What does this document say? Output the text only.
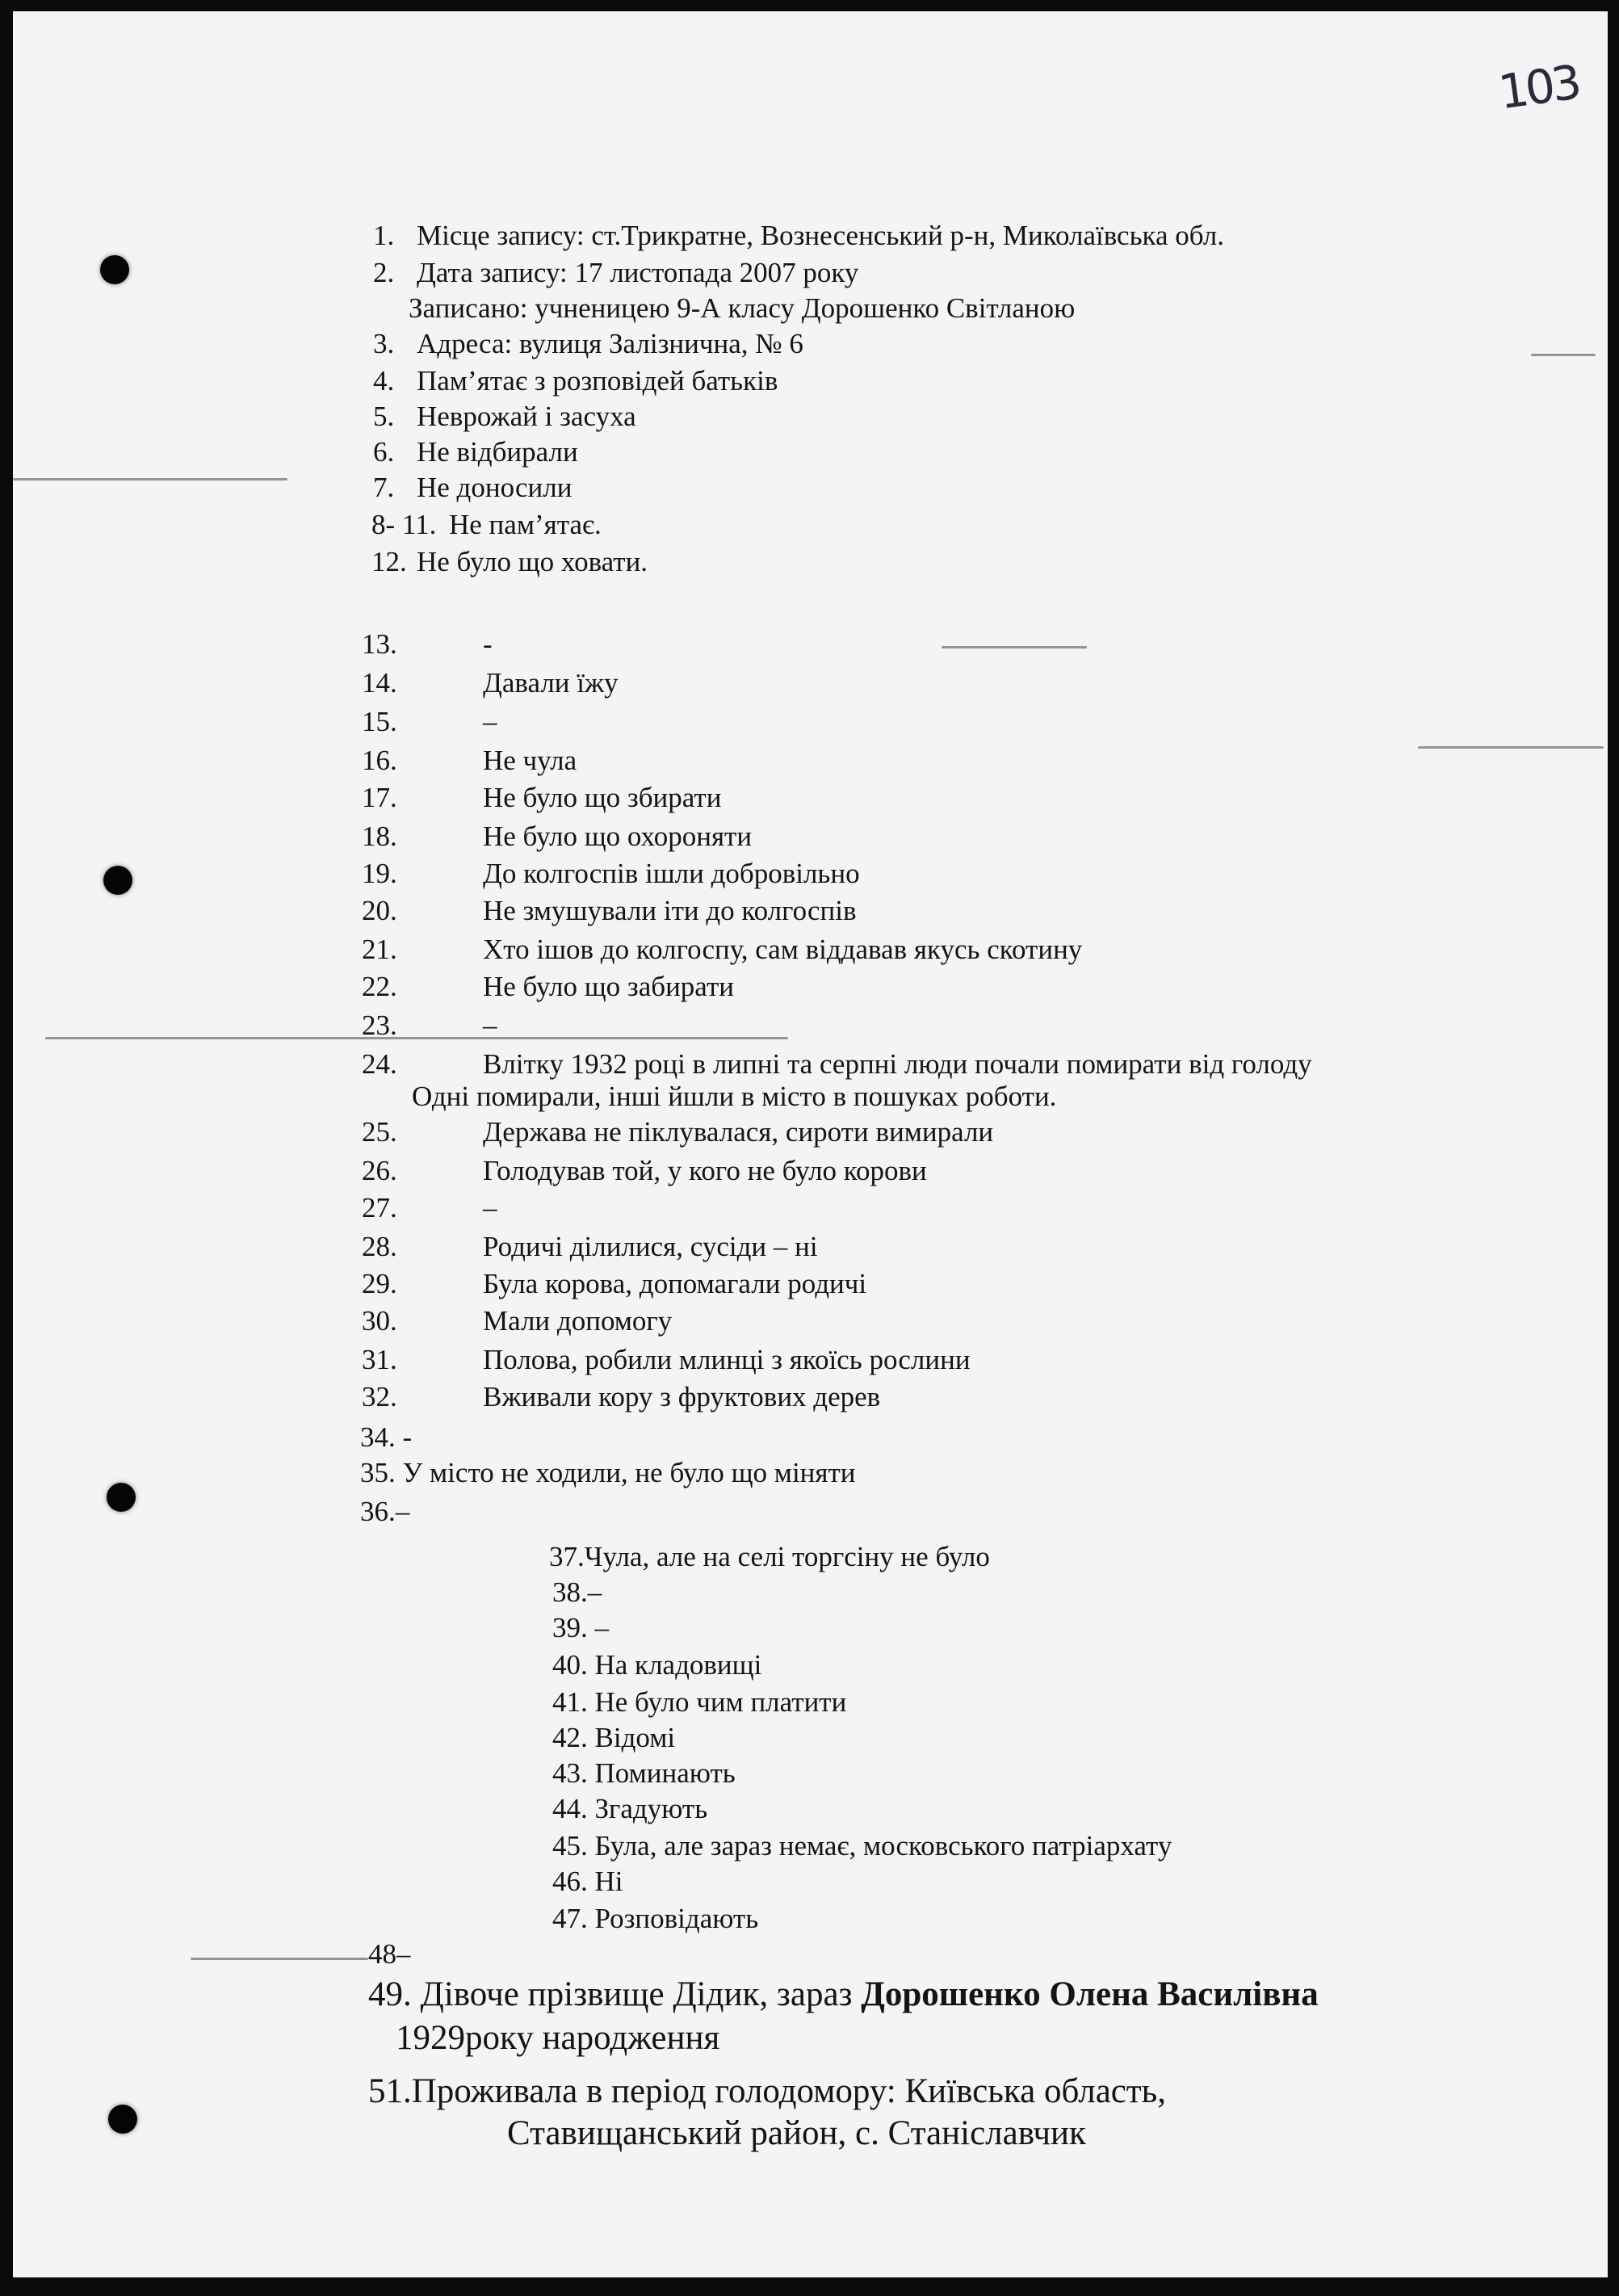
103
1. Місце запису: ст.Трикратне, Вознесенський р-н, Миколаївська обл.
2. Дата запису: 17 листопада 2007 року
Записано: учненицею 9-А класу Дорошенко Світланою
3. Адреса: вулиця Залізнична, № 6
4. Пам’ятає з розповідей батьків
5. Неврожай і засуха
6. Не відбирали
7. Не доносили
8- 11. Не пам’ятає.
12. Не було що ховати.
13.	-
14.	Давали їжу
15.	–
16.	Не чула
17.	Не було що збирати
18.	Не було що охороняти
19.	До колгоспів ішли добровільно
20.	Не змушували іти до колгоспів
21.	Хто ішов до колгоспу, сам віддавав якусь скотину
22.	Не було що забирати
23.	–
24.	Влітку 1932 році в липні та серпні люди почали помирати від голоду
Одні помирали, інші йшли в місто в пошуках роботи.
25.	Держава не піклувалася, сироти вимирали
26.	Голодував той, у кого не було корови
27.	–
28.	Родичі ділилися, сусіди – ні
29.	Була корова, допомагали родичі
30.	Мали допомогу
31.	Полова, робили млинці з якоїсь рослини
32.	Вживали кору з фруктових дерев
34. -
35. У місто не ходили, не було що міняти
36.–
37.Чула, але на селі торгсіну не було
38.–
39. –
40. На кладовищі
41. Не було чим платити
42. Відомі
43. Поминають
44. Згадують
45. Була, але зараз немає, московського патріархату
46. Ні
47. Розповідають
48–
49. Дівоче прізвище Дідик, зараз Дорошенко Олена Василівна
1929року народження
51.Проживала в період голодомору: Київська область,
Ставищанський район, с. Станіславчик
